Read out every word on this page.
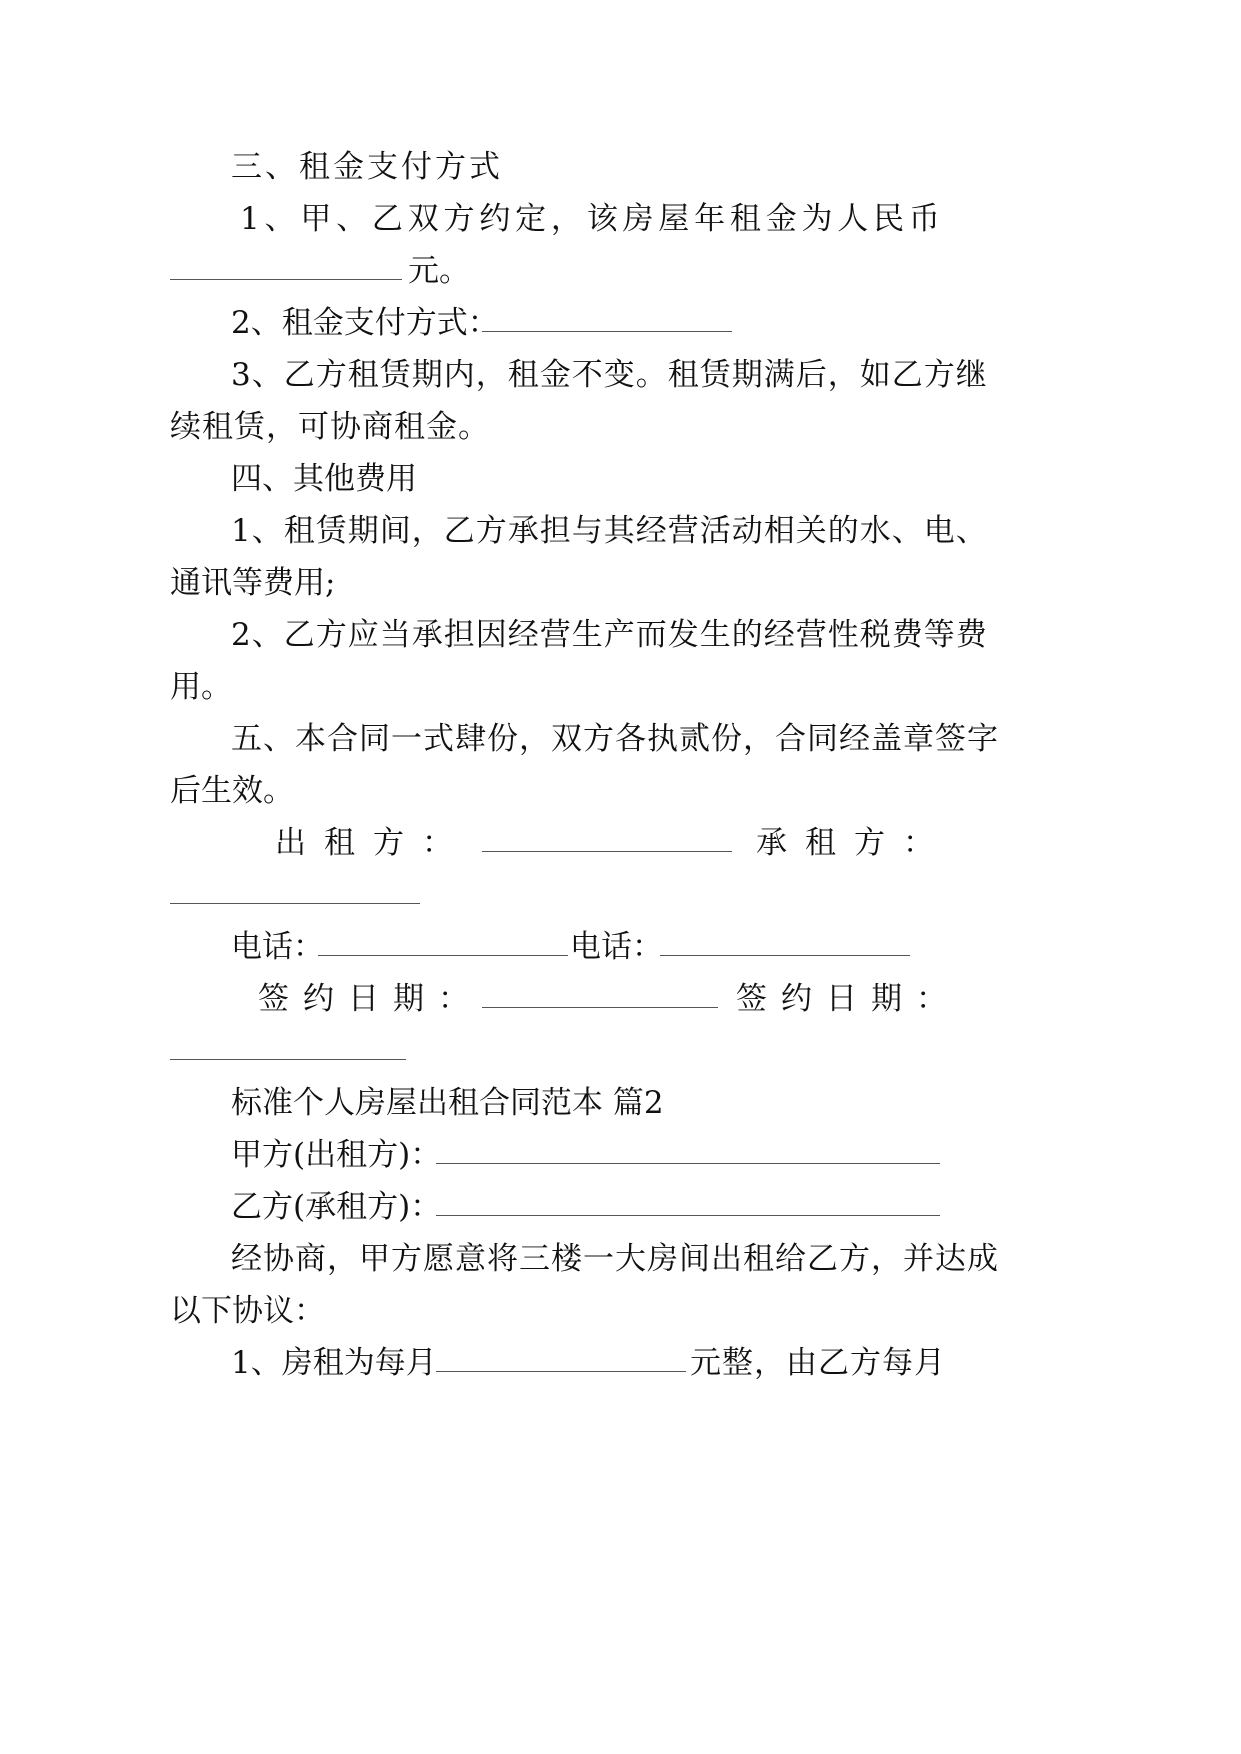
三、租金支付方式
1 、 甲 、 乙 双 方 约 定 ， 该 房 屋 年 租 金 为 人 民 币
元。
2、租金支付方式：
3、乙方租赁期内，租金不变。租赁期满后，如乙方继
续租赁，可协商租金。
四、其他费用
1、租赁期间，乙方承担与其经营活动相关的水、电、
通讯等费用;
2、乙方应当承担因经营生产而发生的经营性税费等费
用。
五、本合同一式肆份，双方各执贰份，合同经盖章签字
后生效。
出租方：	承租方：
电话：	电话：
签约日期：	签约日期：
标准个人房屋出租合同范本 篇2
甲方(出租方)：
乙方(承租方)：
经协商，甲方愿意将三楼一大房间出租给乙方，并达成
以下协议：
1、房租为每月	元整，由乙方每月
